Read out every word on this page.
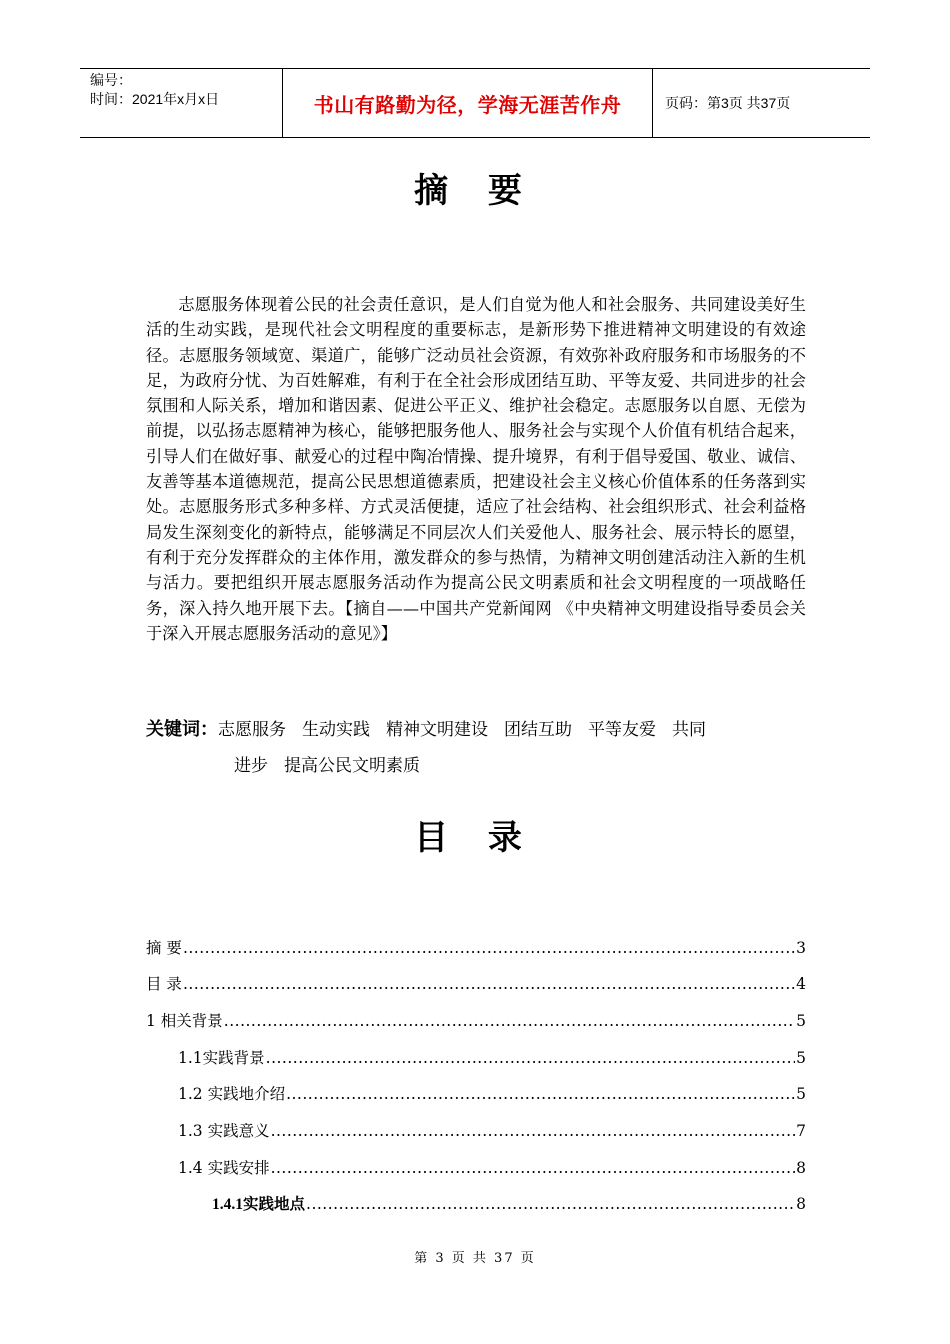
编号：
时间：2021年x月x日	书山有路勤为径，学海无涯苦作舟	页码：第3页 共37页
摘 要

志愿服务体现着公民的社会责任意识，是人们自觉为他人和社会服务、共同建设美好生活的生动实践，是现代社会文明程度的重要标志，是新形势下推进精神文明建设的有效途径。志愿服务领域宽、渠道广，能够广泛动员社会资源，有效弥补政府服务和市场服务的不足，为政府分忧、为百姓解难，有利于在全社会形成团结互助、平等友爱、共同进步的社会氛围和人际关系，增加和谐因素、促进公平正义、维护社会稳定。志愿服务以自愿、无偿为前提，以弘扬志愿精神为核心，能够把服务他人、服务社会与实现个人价值有机结合起来，引导人们在做好事、献爱心的过程中陶冶情操、提升境界，有利于倡导爱国、敬业、诚信、友善等基本道德规范，提高公民思想道德素质，把建设社会主义核心价值体系的任务落到实处。志愿服务形式多种多样、方式灵活便捷，适应了社会结构、社会组织形式、社会利益格局发生深刻变化的新特点，能够满足不同层次人们关爱他人、服务社会、展示特长的愿望，有利于充分发挥群众的主体作用，激发群众的参与热情，为精神文明创建活动注入新的生机与活力。要把组织开展志愿服务活动作为提高公民文明素质和社会文明程度的一项战略任务，深入持久地开展下去。【摘自——中国共产党新闻网 《中央精神文明建设指导委员会关于深入开展志愿服务活动的意见》】

关键词：志愿服务 生动实践 精神文明建设 团结互助 平等友爱 共同
进步 提高公民文明素质
目 录
摘 要 .....	3
目 录 .....	4
1 相关背景 .....	5
1.1实践背景 .....	5
1.2 实践地介绍 .....	5
1.3 实践意义 .....	7
1.4 实践安排 .....	8
1.4.1实践地点 .....	8
第 3 页 共 37 页
